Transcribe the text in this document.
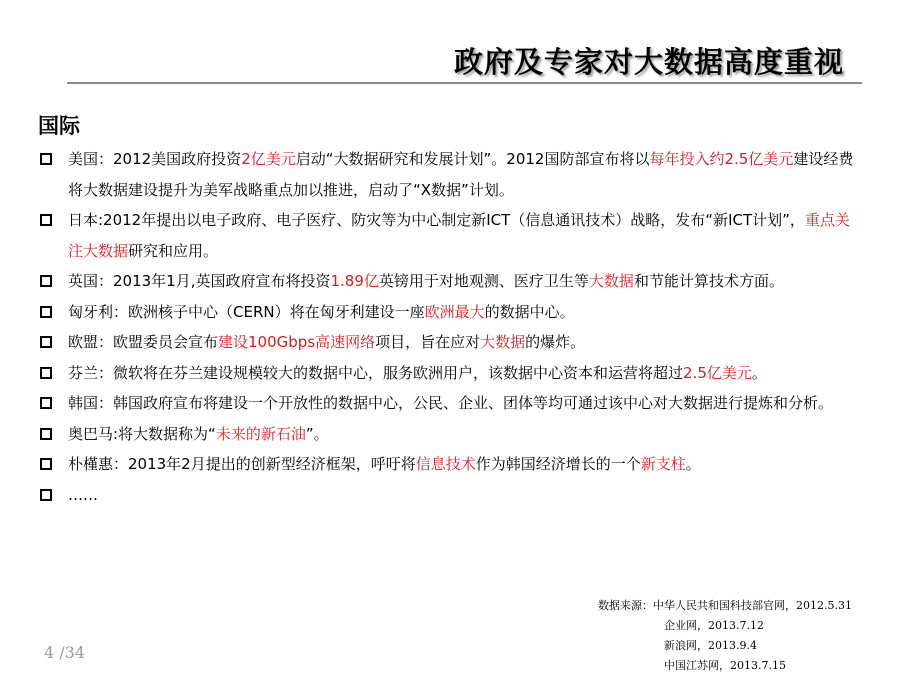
政府及专家对大数据高度重视
国际
美国：2012美国政府投资2亿美元启动“大数据研究和发展计划”。2012国防部宣布将以每年投入约2.5亿美元建设经费将大数据建设提升为美军战略重点加以推进，启动了“X数据”计划。
日本:2012年提出以电子政府、电子医疗、防灾等为中心制定新ICT（信息通讯技术）战略，发布“新ICT计划”，重点关注大数据研究和应用。
英国：2013年1月,英国政府宣布将投资1.89亿英镑用于对地观测、医疗卫生等大数据和节能计算技术方面。
匈牙利：欧洲核子中心（CERN）将在匈牙利建设一座欧洲最大的数据中心。
欧盟：欧盟委员会宣布建设100Gbps高速网络项目，旨在应对大数据的爆炸。
芬兰：微软将在芬兰建设规模较大的数据中心，服务欧洲用户，该数据中心资本和运营将超过2.5亿美元。
韩国：韩国政府宣布将建设一个开放性的数据中心，公民、企业、团体等均可通过该中心对大数据进行提炼和分析。
奥巴马:将大数据称为“未来的新石油”。
朴槿惠：2013年2月提出的创新型经济框架，呼吁将信息技术作为韩国经济增长的一个新支柱。
……
数据来源：中华人民共和国科技部官网，2012.5.31
企业网，2013.7.12
新浪网，2013.9.4
中国江苏网，2013.7.15
4 /34
